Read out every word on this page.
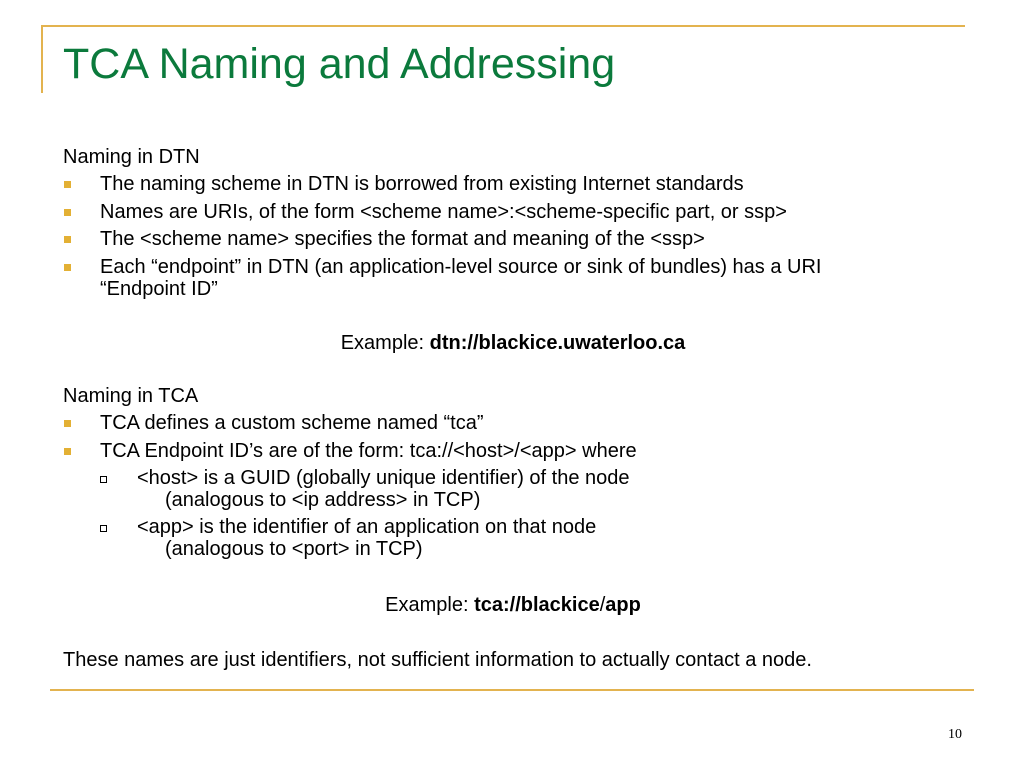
TCA Naming and Addressing
Naming in DTN
The naming scheme in DTN is borrowed from existing Internet standards
Names are URIs, of the form <scheme name>:<scheme-specific part, or ssp>
The <scheme name> specifies the format and meaning of the <ssp>
Each “endpoint” in DTN (an application-level source or sink of bundles) has a URI
“Endpoint ID”
Example: dtn://blackice.uwaterloo.ca
Naming in TCA
TCA defines a custom scheme named “tca”
TCA Endpoint ID’s are of the form: tca://<host>/<app> where
<host> is a GUID (globally unique identifier) of the node
(analogous to <ip address> in TCP)
<app> is the identifier of an application on that node
(analogous to <port> in TCP)
Example: tca://blackice/app
These names are just identifiers, not sufficient information to actually contact a node.
10
